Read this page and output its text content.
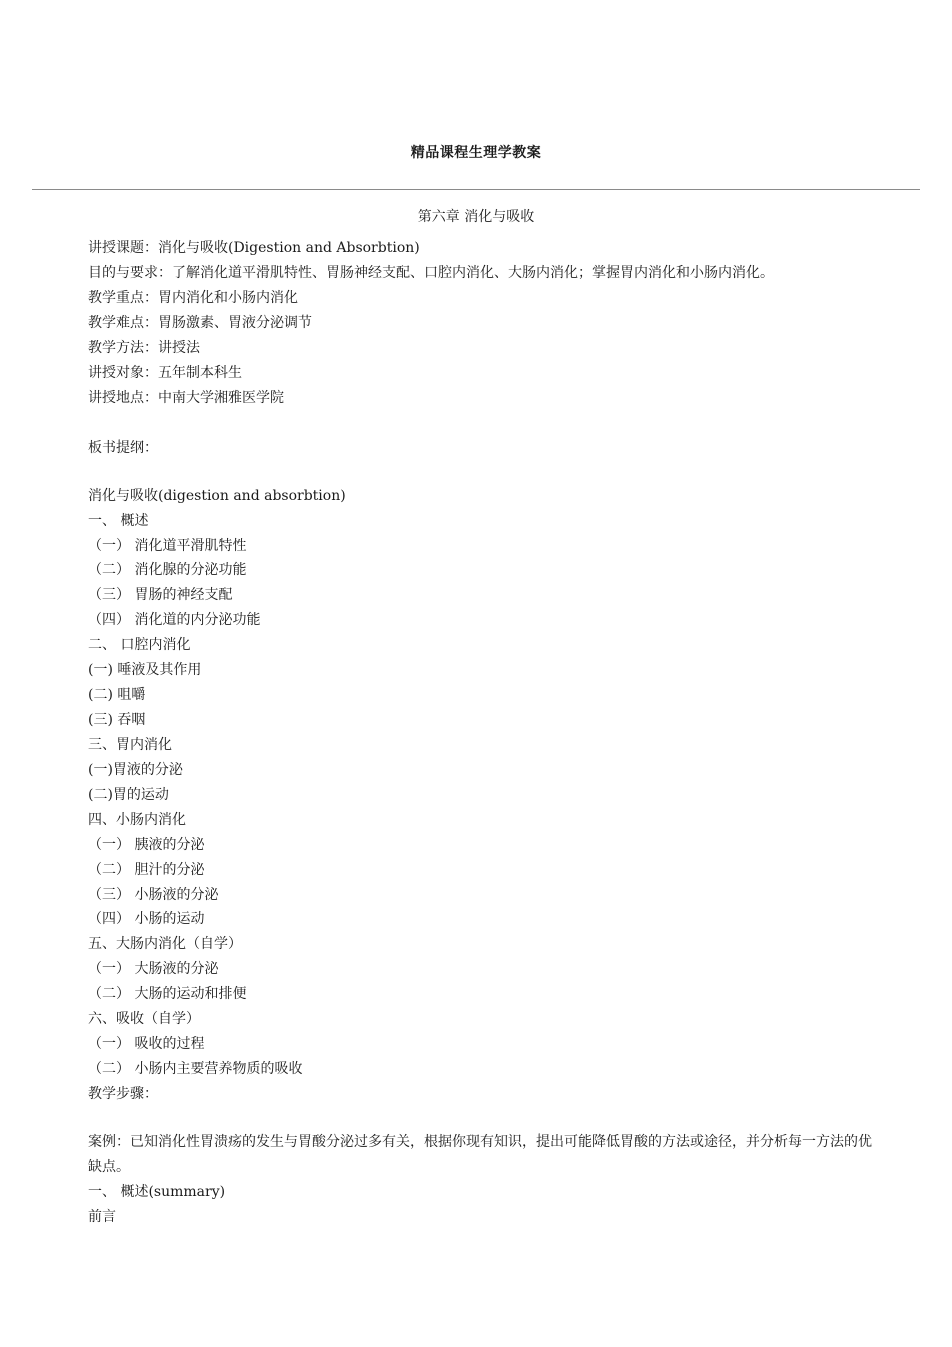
精品课程生理学教案
第六章 消化与吸收
讲授课题：消化与吸收(Digestion and Absorbtion)
目的与要求：了解消化道平滑肌特性、胃肠神经支配、口腔内消化、大肠内消化；掌握胃内消化和小肠内消化。
教学重点：胃内消化和小肠内消化
教学难点：胃肠激素、胃液分泌调节
教学方法：讲授法
讲授对象：五年制本科生
讲授地点：中南大学湘雅医学院
板书提纲：
消化与吸收(digestion and absorbtion)
一、 概述
（一） 消化道平滑肌特性
（二） 消化腺的分泌功能
（三） 胃肠的神经支配
（四） 消化道的内分泌功能
二、 口腔内消化
(一) 唾液及其作用
(二) 咀嚼
(三) 吞咽
三、胃内消化
(一)胃液的分泌
(二)胃的运动
四、小肠内消化
（一） 胰液的分泌
（二） 胆汁的分泌
（三） 小肠液的分泌
（四） 小肠的运动
五、大肠内消化（自学）
（一） 大肠液的分泌
（二） 大肠的运动和排便
六、吸收（自学）
（一） 吸收的过程
（二） 小肠内主要营养物质的吸收
教学步骤：
案例：已知消化性胃溃疡的发生与胃酸分泌过多有关，根据你现有知识，提出可能降低胃酸的方法或途径，并分析每一方法的优缺点。
一、 概述(summary)
前言
